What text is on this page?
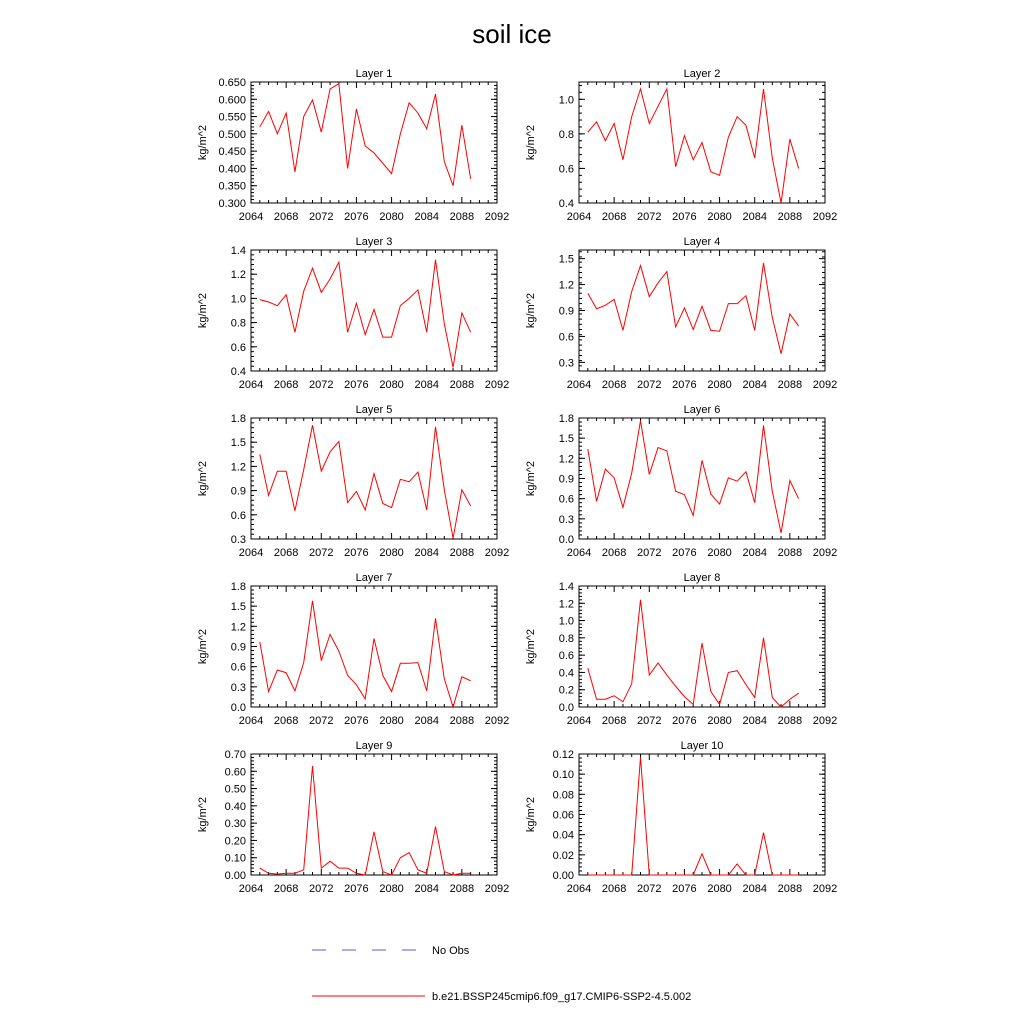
soil ice
Layer 1
kg/m^2
2064 2068 2072 2076 2080 2084 2088 2092
0.300
0.350
0.400
0.450
0.500
0.550
0.600
0.650
Layer 2
kg/m^2
2064 2068 2072 2076 2080 2084 2088 2092
0.4
0.6
0.8
1.0
Layer 3
kg/m^2
2064 2068 2072 2076 2080 2084 2088 2092
0.4
0.6
0.8
1.0
1.2
1.4
Layer 4
kg/m^2
2064 2068 2072 2076 2080 2084 2088 2092
0.3
0.6
0.9
1.2
1.5
Layer 5
kg/m^2
2064 2068 2072 2076 2080 2084 2088 2092
0.3
0.6
0.9
1.2
1.5
1.8
Layer 6
kg/m^2
2064 2068 2072 2076 2080 2084 2088 2092
0.0
0.3
0.6
0.9
1.2
1.5
1.8
Layer 7
kg/m^2
2064 2068 2072 2076 2080 2084 2088 2092
0.0
0.3
0.6
0.9
1.2
1.5
1.8
Layer 8
kg/m^2
2064 2068 2072 2076 2080 2084 2088 2092
0.0
0.2
0.4
0.6
0.8
1.0
1.2
1.4
Layer 9
kg/m^2
2064 2068 2072 2076 2080 2084 2088 2092
0.00
0.10
0.20
0.30
0.40
0.50
0.60
0.70
Layer 10
kg/m^2
2064 2068 2072 2076 2080 2084 2088 2092
0.00
0.02
0.04
0.06
0.08
0.10
0.12
No Obs
b.e21.BSSP245cmip6.f09_g17.CMIP6-SSP2-4.5.002
